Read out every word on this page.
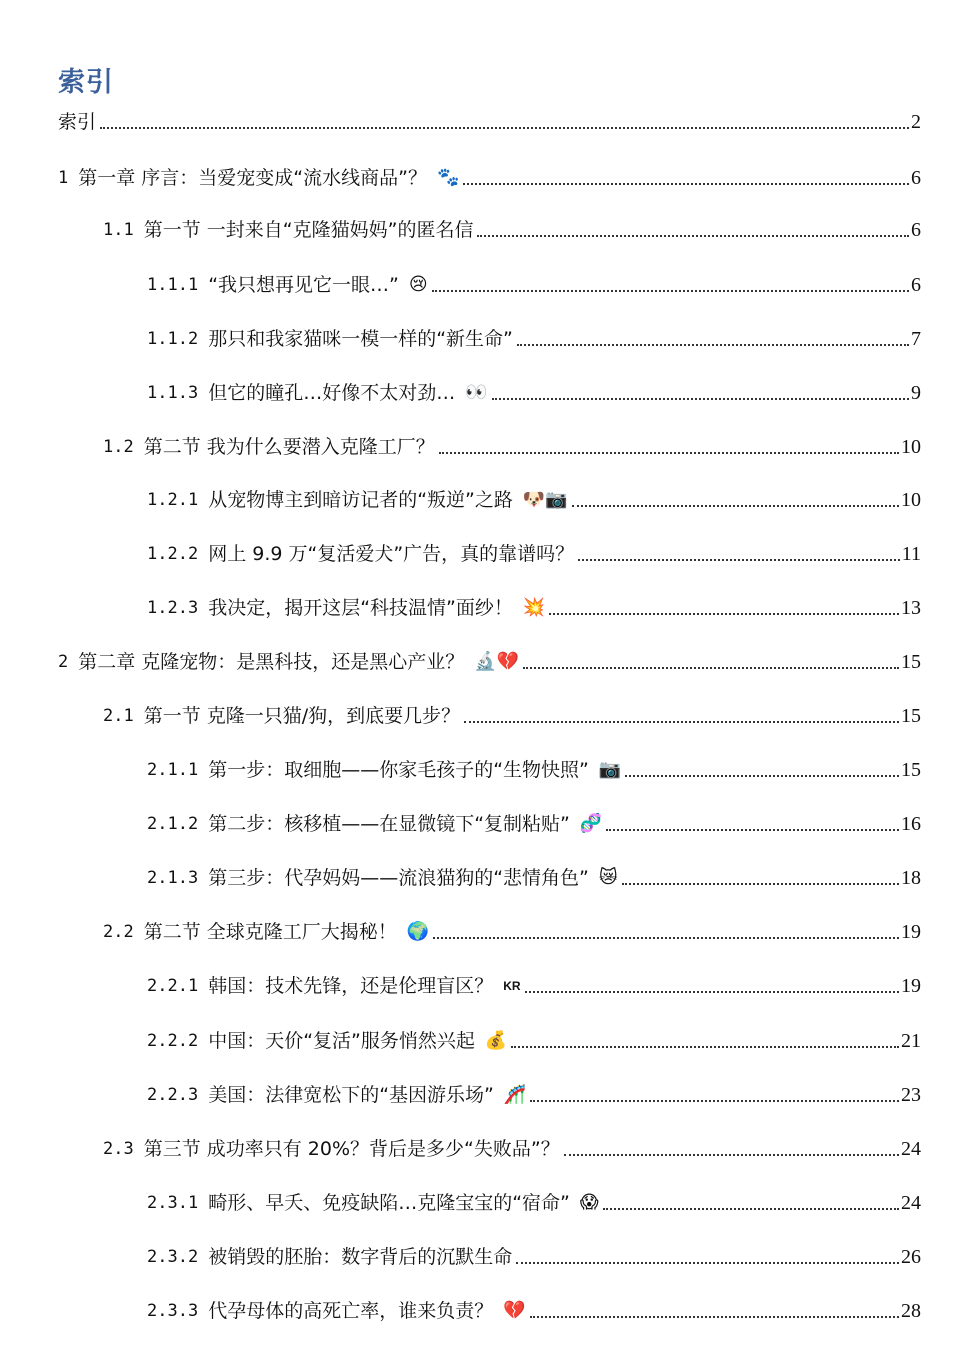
索引
索引	2
1 第一章 序言：当爱宠变成“流水线商品”？ 🐾	6
1.1 第一节 一封来自“克隆猫妈妈”的匿名信	6
1.1.1 “我只想再见它一眼…” 😢	6
1.1.2 那只和我家猫咪一模一样的“新生命”	7
1.1.3 但它的瞳孔…好像不太对劲… 👀	9
1.2 第二节 我为什么要潜入克隆工厂？	10
1.2.1 从宠物博主到暗访记者的“叛逆”之路 🐶📷	10
1.2.2 网上 9.9 万“复活爱犬”广告，真的靠谱吗？	11
1.2.3 我决定，揭开这层“科技温情”面纱！ 💥	13
2 第二章 克隆宠物：是黑科技，还是黑心产业？ 🔬💔	15
2.1 第一节 克隆一只猫/狗，到底要几步？	15
2.1.1 第一步：取细胞——你家毛孩子的“生物快照” 📷	15
2.1.2 第二步：核移植——在显微镜下“复制粘贴” 🧬	16
2.1.3 第三步：代孕妈妈——流浪猫狗的“悲情角色” 😿	18
2.2 第二节 全球克隆工厂大揭秘！ 🌍	19
2.2.1 韩国：技术先锋，还是伦理盲区？ KR	19
2.2.2 中国：天价“复活”服务悄然兴起 💰	21
2.2.3 美国：法律宽松下的“基因游乐场” 🎢	23
2.3 第三节 成功率只有 20%？背后是多少“失败品”？	24
2.3.1 畸形、早夭、免疫缺陷…克隆宝宝的“宿命” 😱	24
2.3.2 被销毁的胚胎：数字背后的沉默生命	26
2.3.3 代孕母体的高死亡率，谁来负责？ 💔	28
